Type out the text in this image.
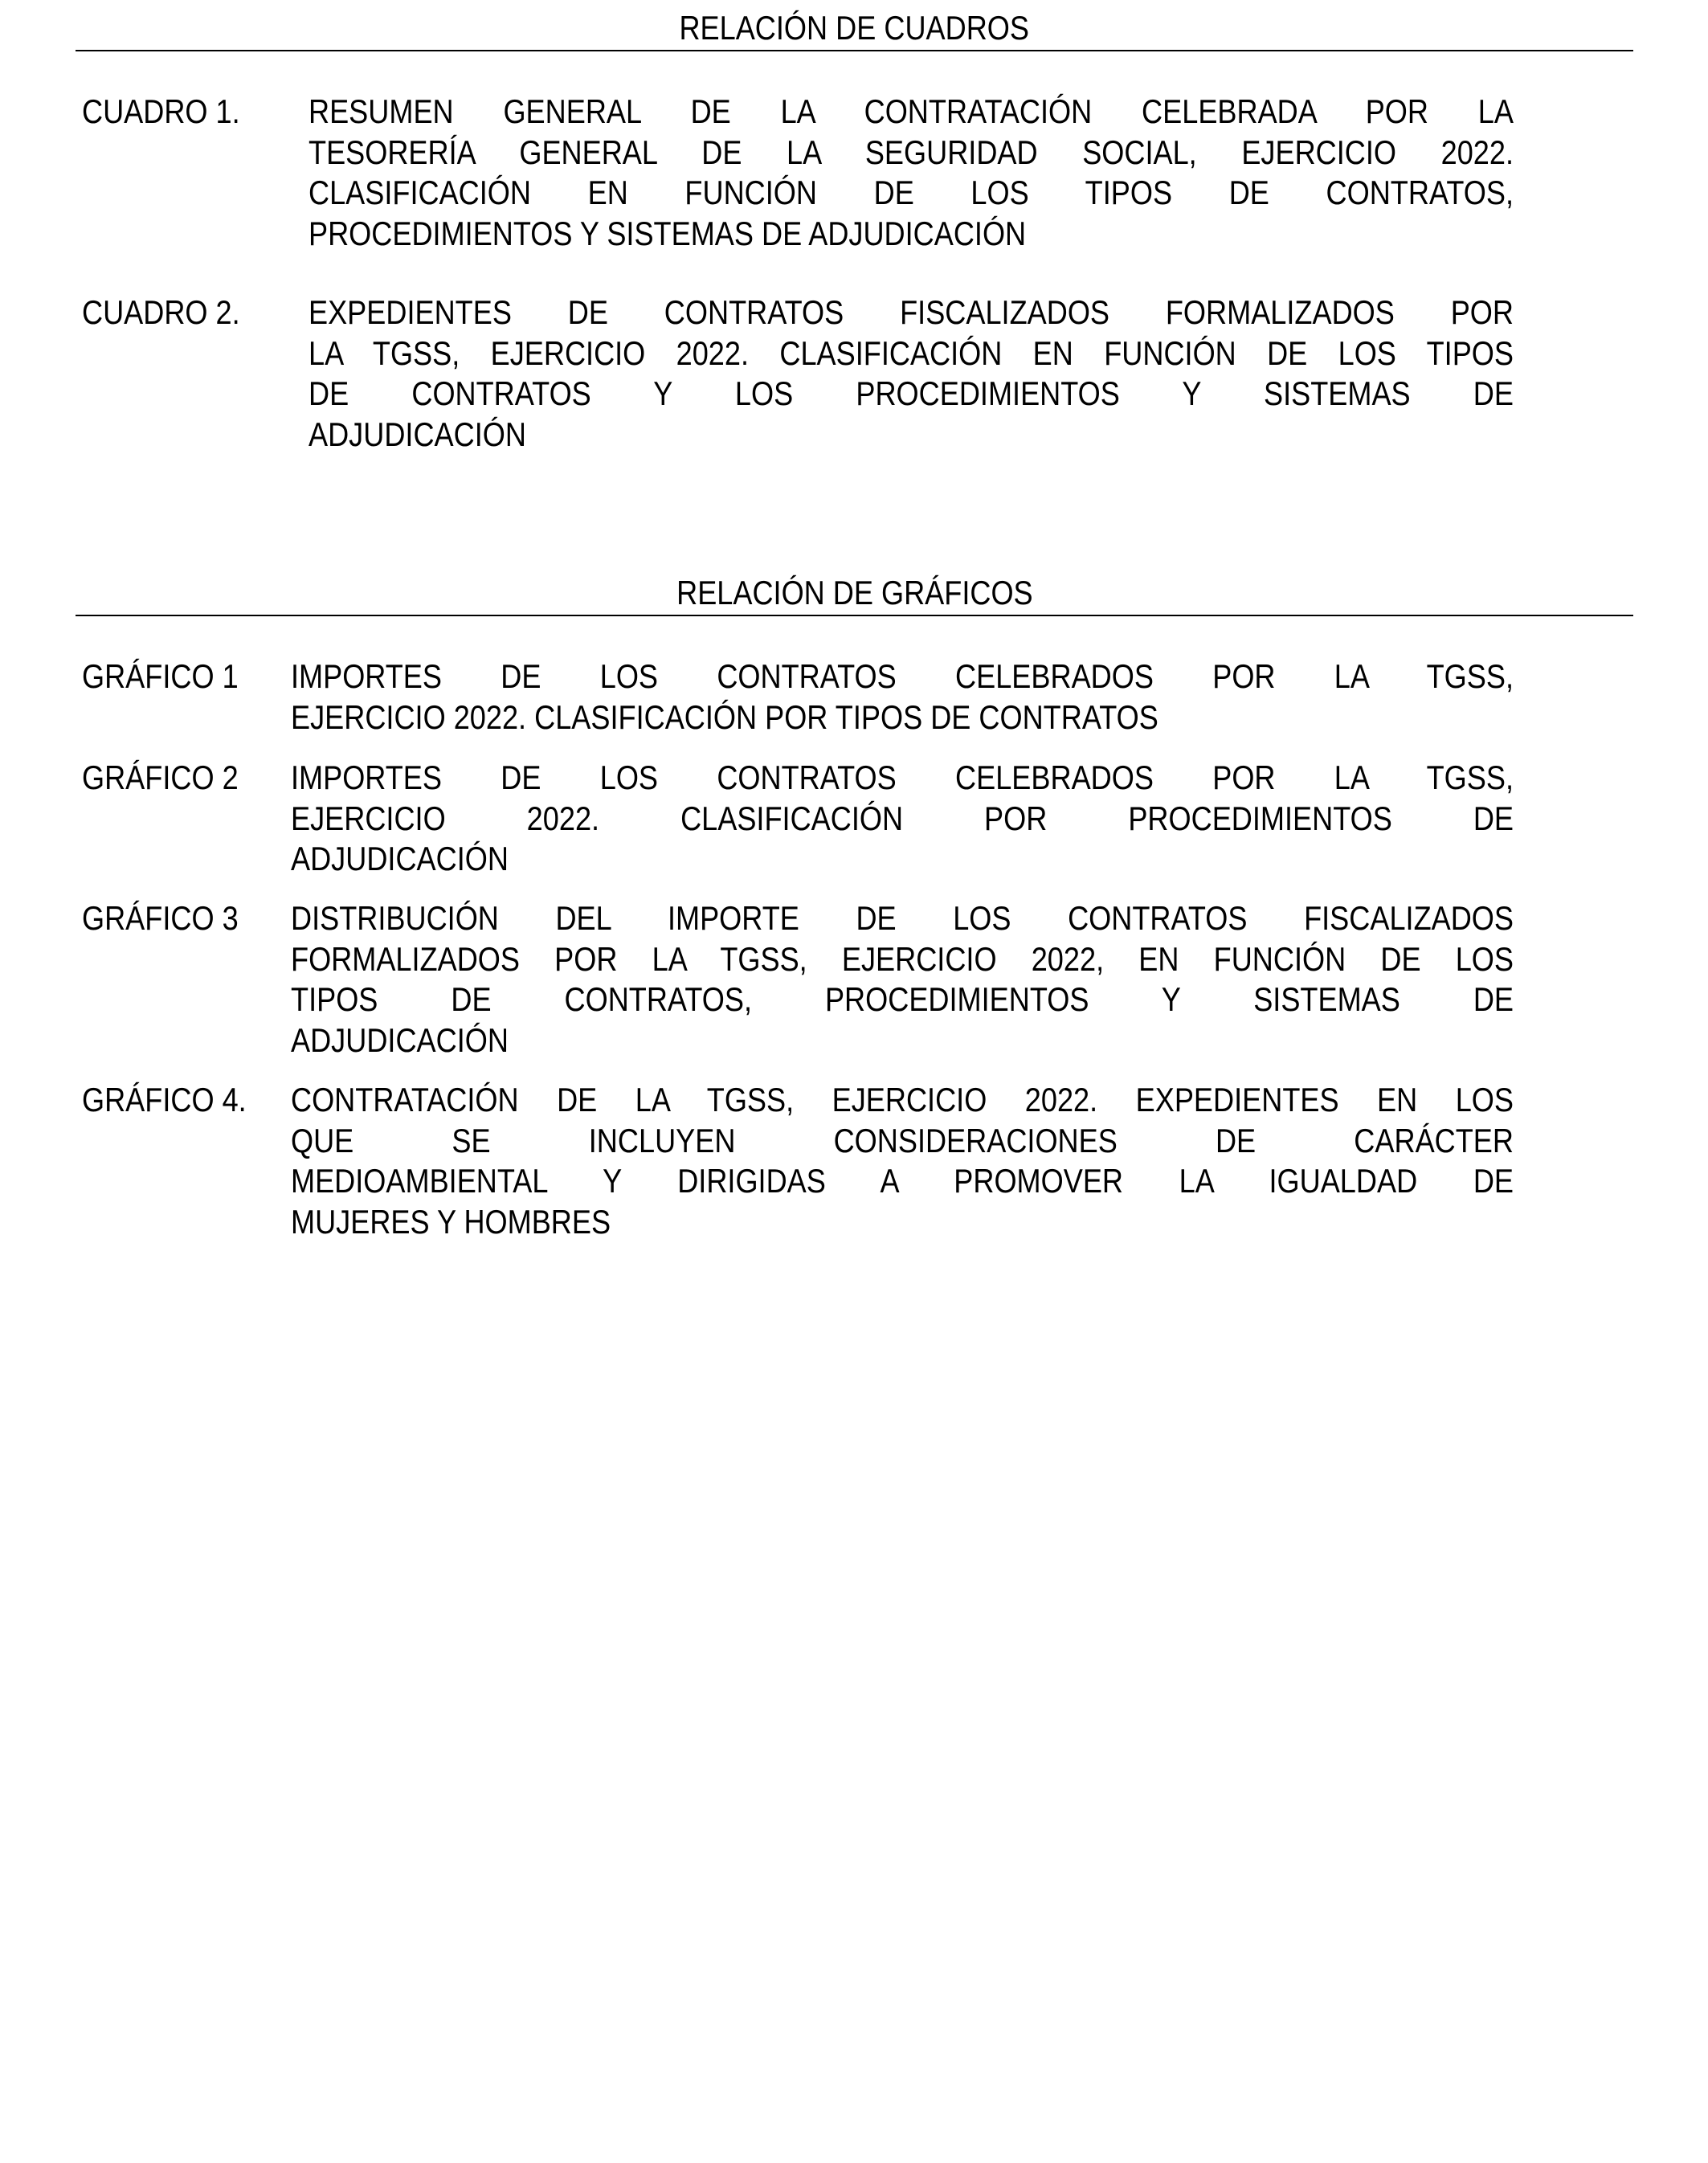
RELACIÓN DE CUADROS
RELACIÓN DE GRÁFICOS
CUADRO 1. RESUMEN GENERAL DE LA CONTRATACIÓN CELEBRADA POR LA
TESORERÍA GENERAL DE LA SEGURIDAD SOCIAL, EJERCICIO 2022.
CLASIFICACIÓN EN FUNCIÓN DE LOS TIPOS DE CONTRATOS,
PROCEDIMIENTOS Y SISTEMAS DE ADJUDICACIÓN
CUADRO 2. EXPEDIENTES DE CONTRATOS FISCALIZADOS FORMALIZADOS POR
LA TGSS, EJERCICIO 2022. CLASIFICACIÓN EN FUNCIÓN DE LOS TIPOS
DE CONTRATOS Y LOS PROCEDIMIENTOS Y SISTEMAS DE
ADJUDICACIÓN
GRÁFICO 1 IMPORTES DE LOS CONTRATOS CELEBRADOS POR LA TGSS,
EJERCICIO 2022. CLASIFICACIÓN POR TIPOS DE CONTRATOS
GRÁFICO 2 IMPORTES DE LOS CONTRATOS CELEBRADOS POR LA TGSS,
EJERCICIO 2022. CLASIFICACIÓN POR PROCEDIMIENTOS DE
ADJUDICACIÓN
GRÁFICO 3 DISTRIBUCIÓN DEL IMPORTE DE LOS CONTRATOS FISCALIZADOS
FORMALIZADOS POR LA TGSS, EJERCICIO 2022, EN FUNCIÓN DE LOS
TIPOS DE CONTRATOS, PROCEDIMIENTOS Y SISTEMAS DE
ADJUDICACIÓN
GRÁFICO 4. CONTRATACIÓN DE LA TGSS, EJERCICIO 2022. EXPEDIENTES EN LOS
QUE SE INCLUYEN CONSIDERACIONES DE CARÁCTER
MEDIOAMBIENTAL Y DIRIGIDAS A PROMOVER LA IGUALDAD DE
MUJERES Y HOMBRES
